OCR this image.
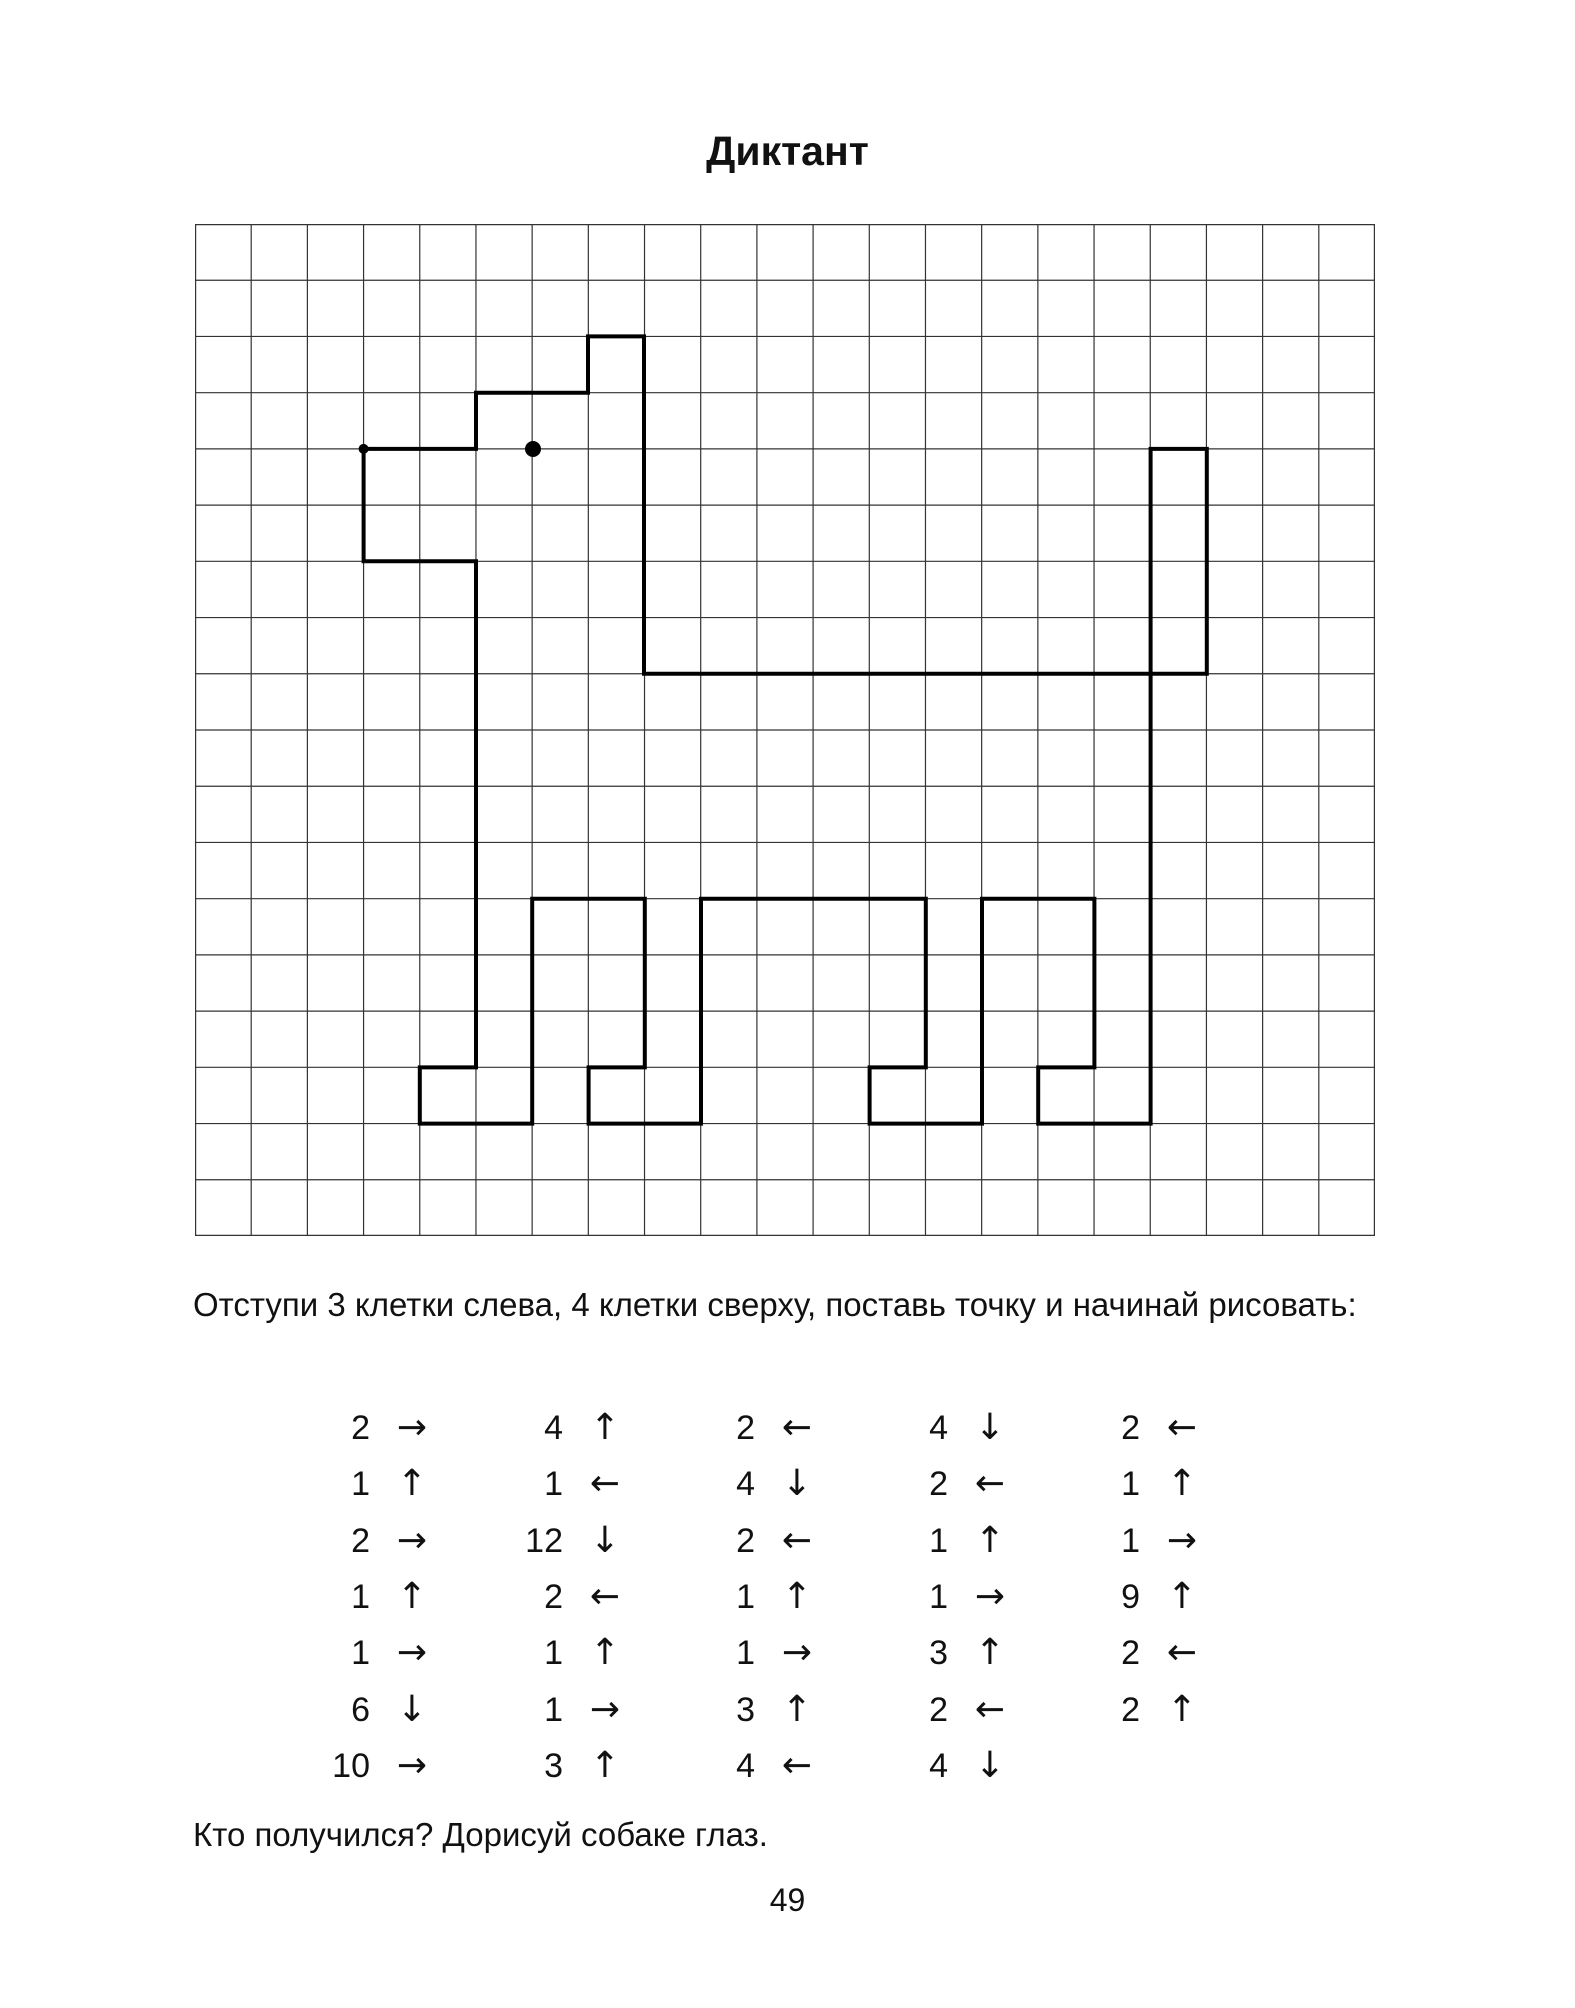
Диктант
Отступи 3 клетки слева, 4 клетки сверху, поставь точку и начинай рисовать:
2 →
1 ↑
2 →
1 ↑
1 →
6 ↓
10 →
4 ↑
1 ←
12 ↓
2 ←
1 ↑
1 →
3 ↑
2 ←
4 ↓
2 ←
1 ↑
1 →
3 ↑
4 ←
4 ↓
2 ←
1 ↑
1 →
3 ↑
2 ←
4 ↓
2 ←
1 ↑
1 →
9 ↑
2 ←
2 ↑
Кто получился? Дорисуй собаке глаз.
49
